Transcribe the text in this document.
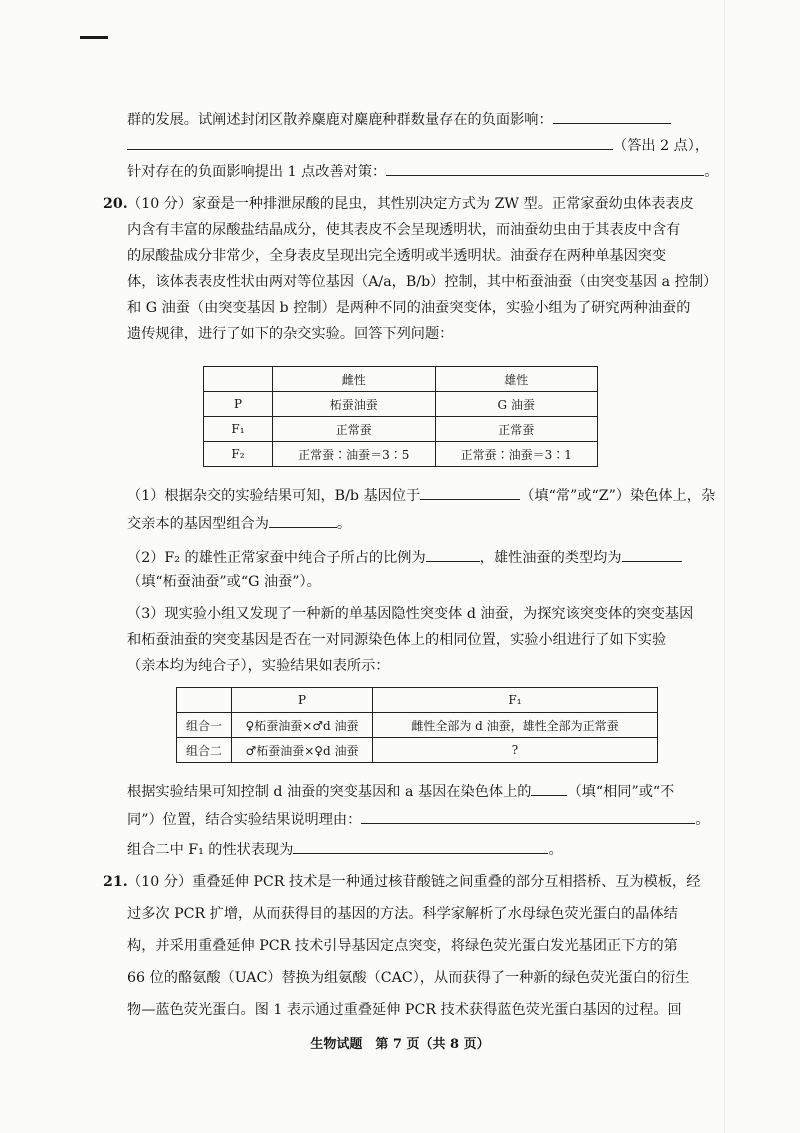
群的发展。试阐述封闭区散养麋鹿对麋鹿种群数量存在的负面影响：
（答出 2 点），
针对存在的负面影响提出 1 点改善对策：	。
20. （10 分）家蚕是一种排泄尿酸的昆虫，其性别决定方式为 ZW 型。正常家蚕幼虫体表表皮
内含有丰富的尿酸盐结晶成分，使其表皮不会呈现透明状，而油蚕幼虫由于其表皮中含有
的尿酸盐成分非常少，全身表皮呈现出完全透明或半透明状。油蚕存在两种单基因突变
体，该体表表皮性状由两对等位基因（A/a，B/b）控制，其中柘蚕油蚕（由突变基因 a 控制）
和 G 油蚕（由突变基因 b 控制）是两种不同的油蚕突变体，实验小组为了研究两种油蚕的
遗传规律，进行了如下的杂交实验。回答下列问题：
	雌性	雄性
P	柘蚕油蚕	G 油蚕
F₁	正常蚕	正常蚕
F₂	正常蚕∶油蚕＝3∶5	正常蚕∶油蚕＝3∶1
（1）根据杂交的实验结果可知，B/b 基因位于	（填“常”或“Z”）染色体上，杂
交亲本的基因型组合为	。
（2）F₂ 的雄性正常家蚕中纯合子所占的比例为	，雄性油蚕的类型均为
（填“柘蚕油蚕”或“G 油蚕”）。
（3）现实验小组又发现了一种新的单基因隐性突变体 d 油蚕，为探究该突变体的突变基因
和柘蚕油蚕的突变基因是否在一对同源染色体上的相同位置，实验小组进行了如下实验
（亲本均为纯合子），实验结果如表所示：
	P	F₁
组合一	♀柘蚕油蚕×♂d 油蚕	雌性全部为 d 油蚕，雄性全部为正常蚕
组合二	♂柘蚕油蚕×♀d 油蚕	?
根据实验结果可知控制 d 油蚕的突变基因和 a 基因在染色体上的	（填“相同”或“不
同”）位置，结合实验结果说明理由：	。
组合二中 F₁ 的性状表现为	。
21. （10 分）重叠延伸 PCR 技术是一种通过核苷酸链之间重叠的部分互相搭桥、互为模板，经
过多次 PCR 扩增，从而获得目的基因的方法。科学家解析了水母绿色荧光蛋白的晶体结
构，并采用重叠延伸 PCR 技术引导基因定点突变，将绿色荧光蛋白发光基团正下方的第
66 位的酪氨酸（UAC）替换为组氨酸（CAC），从而获得了一种新的绿色荧光蛋白的衍生
物—蓝色荧光蛋白。图 1 表示通过重叠延伸 PCR 技术获得蓝色荧光蛋白基因的过程。回
生物试题　第 7 页（共 8 页）
